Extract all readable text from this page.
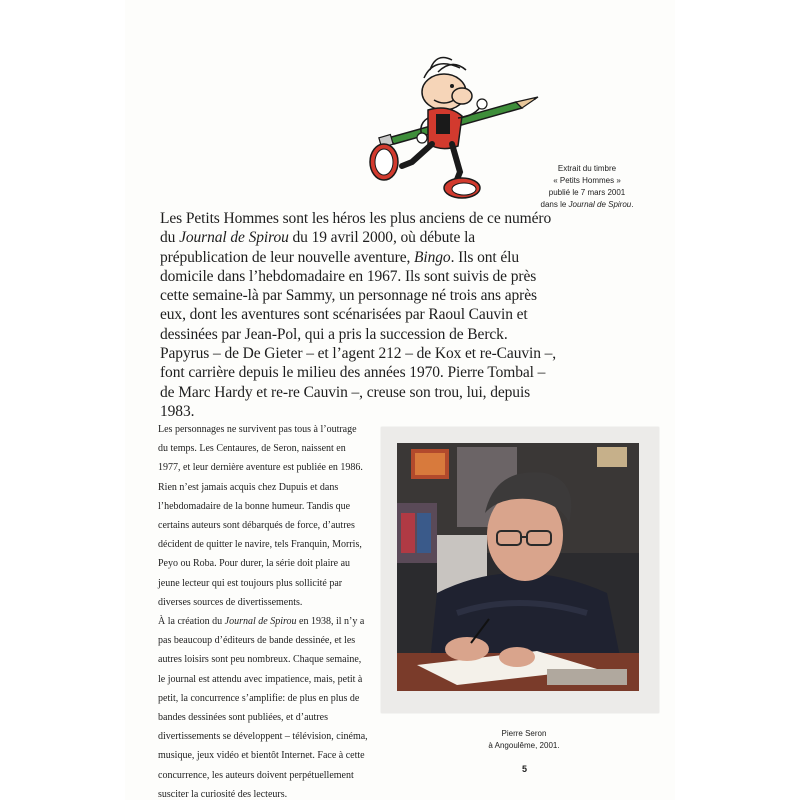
Extrait du timbre
« Petits Hommes »
publié le 7 mars 2001
dans le Journal de Spirou.

Les Petits Hommes sont les héros les plus anciens de ce numéro du Journal de Spirou du 19 avril 2000, où débute la prépublication de leur nouvelle aventure, Bingo. Ils ont élu domicile dans l’hebdomadaire en 1967. Ils sont suivis de près cette semaine-là par Sammy, un personnage né trois ans après eux, dont les aventures sont scénarisées par Raoul Cauvin et dessinées par Jean-Pol, qui a pris la succession de Berck. Papyrus – de De Gieter – et l’agent 212 – de Kox et re-Cauvin –, font carrière depuis le milieu des années 1970. Pierre Tombal – de Marc Hardy et re-re Cauvin –, creuse son trou, lui, depuis 1983.

Les personnages ne survivent pas tous à l’outrage du temps. Les Centaures, de Seron, naissent en 1977, et leur dernière aventure est publiée en 1986. Rien n’est jamais acquis chez Dupuis et dans l’hebdomadaire de la bonne humeur. Tandis que certains auteurs sont débarqués de force, d’autres décident de quitter le navire, tels Franquin, Morris, Peyo ou Roba. Pour durer, la série doit plaire au jeune lecteur qui est toujours plus sollicité par diverses sources de divertissements.

À la création du Journal de Spirou en 1938, il n’y a pas beaucoup d’éditeurs de bande dessinée, et les autres loisirs sont peu nombreux. Chaque semaine, le journal est attendu avec impatience, mais, petit à petit, la concurrence s’amplifie: de plus en plus de bandes dessinées sont publiées, et d’autres divertissements se développent – télévision, cinéma, musique, jeux vidéo et bientôt Internet. Face à cette concurrence, les auteurs doivent perpétuellement susciter la curiosité des lecteurs.

Pierre Seron
à Angoulême, 2001.
5
